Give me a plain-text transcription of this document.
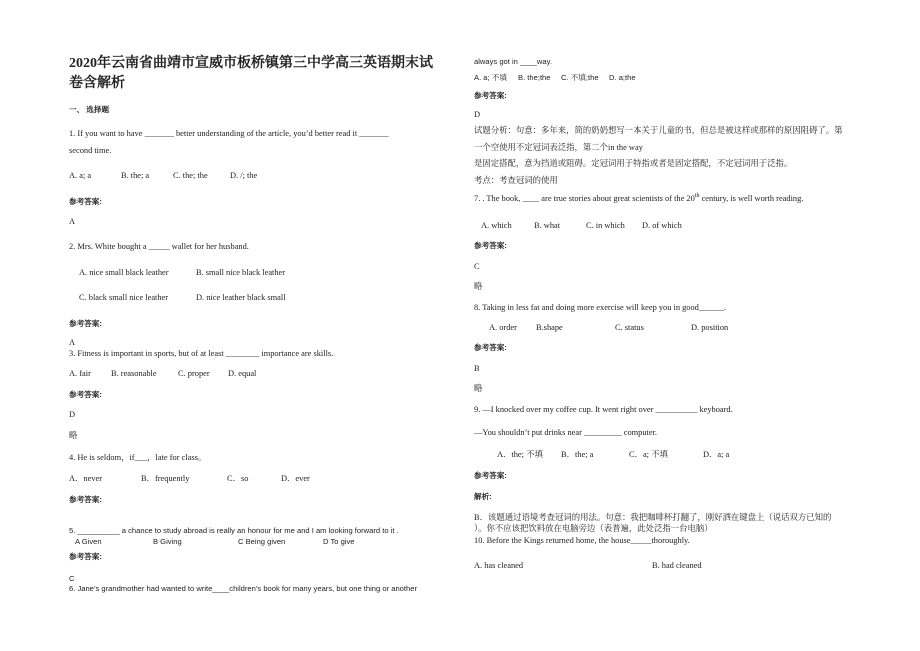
2020年云南省曲靖市宣威市板桥镇第三中学高三英语期末试
卷含解析
一、 选择题
1. If you want to have _______ better understanding of the article, you’d better read it _______
second time.
A. a; a	B. the; a	C. the; the	D. /; the
参考答案:
A
2. Mrs. White bought a _____ wallet for her husband.
A. nice small black leather	B. small nice black leather
C. black small nice leather	D. nice leather black small
参考答案:
A
3. Fitness is important in sports, but of at least ________ importance are skills.
A. fair B. reasonable	C. proper D. equal
参考答案:
D
略
4. He is seldom，if___，late for class。
A．never	B．frequently	C．so	D．ever
参考答案:
5. __________ a chance to study abroad is really an honour for me and I am looking forward to it .
A Given	B Giving	C Being given	D To give
参考答案:
C
6. Jane’s grandmother had wanted to write____children’s book for many years, but one thing or another
always got in ____way.
A. a; 不填 B. the;the C. 不填;the D. a;the
参考答案:
D
试题分析：句意：多年来，简的奶奶想写一本关于儿童的书，但总是被这样或那样的原因阻碍了。第
一个空使用不定冠词表泛指，第二个in the way
是固定搭配，意为挡道或阻碍。定冠词用于特指或者是固定搭配，不定冠词用于泛指。
考点：考查冠词的使用
7. . The book, ____ are true stories about great scientists of the 20th century, is well worth reading.
A. which	B. what	C. in which D. of which
参考答案:
C
略
8. Taking in less fat and doing more exercise will keep you in good______.
A. order B.shape	C. status	D. position
参考答案:
B
略
9. —I knocked over my coffee cup. It went right over __________ keyboard.
—You shouldn’t put drinks near _________ computer.
A．the; 不填 B．the; a	C．a; 不填	D．a; a
参考答案:
解析:
B．该题通过语境考查冠词的用法。句意：我把咖啡杯打翻了，刚好洒在键盘上（说话双方已知的
）。你不应该把饮料放在电脑旁边（表普遍，此处泛指一台电脑）
10. Before the Kings returned home, the house_____thoroughly.
A. has cleaned	B. had cleaned
